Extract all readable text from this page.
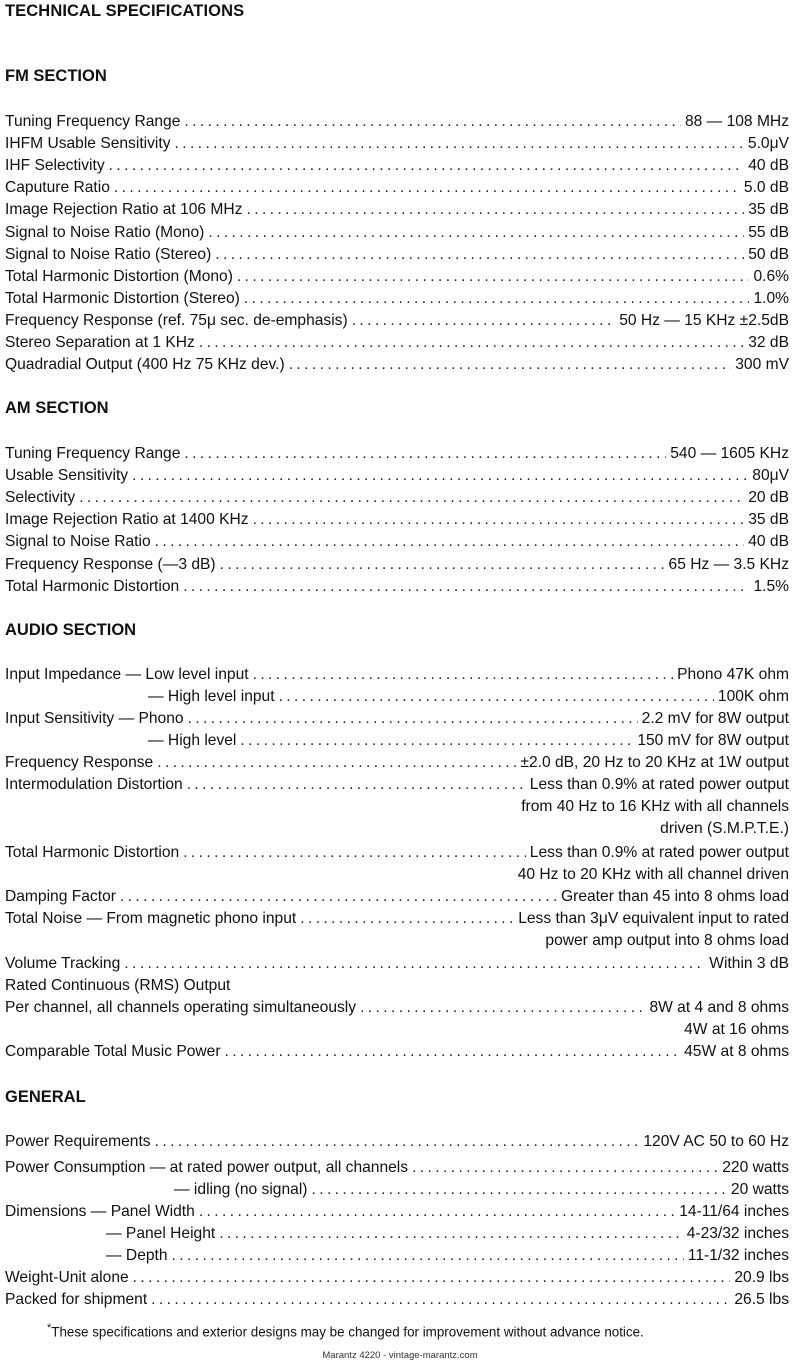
TECHNICAL SPECIFICATIONS
FM SECTION
Tuning Frequency Range .....	88 — 108 MHz
IHFM Usable Sensitivity .....	5.0μV
IHF Selectivity .....	40 dB
Caputure Ratio .....	5.0 dB
Image Rejection Ratio at 106 MHz .....	35 dB
Signal to Noise Ratio (Mono) .....	55 dB
Signal to Noise Ratio (Stereo) .....	50 dB
Total Harmonic Distortion (Mono) .....	0.6%
Total Harmonic Distortion (Stereo) .....	1.0%
Frequency Response (ref. 75μ sec. de-emphasis) .....	50 Hz — 15 KHz ±2.5dB
Stereo Separation at 1 KHz .....	32 dB
Quadradial Output (400 Hz 75 KHz dev.) .....	300 mV
AM SECTION
Tuning Frequency Range .....	540 — 1605 KHz
Usable Sensitivity .....	80μV
Selectivity .....	20 dB
Image Rejection Ratio at 1400 KHz .....	35 dB
Signal to Noise Ratio .....	40 dB
Frequency Response (—3 dB) .....	65 Hz — 3.5 KHz
Total Harmonic Distortion .....	1.5%
AUDIO SECTION
Input Impedance — Low level input .....	Phono 47K ohm
— High level input .....	100K ohm
Input Sensitivity — Phono .....	2.2 mV for 8W output
— High level .....	150 mV for 8W output
Frequency Response .....	±2.0 dB, 20 Hz to 20 KHz at 1W output
Intermodulation Distortion .....	Less than 0.9% at rated power output
from 40 Hz to 16 KHz with all channels
driven (S.M.P.T.E.)
Total Harmonic Distortion .....	Less than 0.9% at rated power output
40 Hz to 20 KHz with all channel driven
Damping Factor .....	Greater than 45 into 8 ohms load
Total Noise — From magnetic phono input .....	Less than 3μV equivalent input to rated
power amp output into 8 ohms load
Volume Tracking .....	Within 3 dB
Rated Continuous (RMS) Output
Per channel, all channels operating simultaneously .....	8W at 4 and 8 ohms
4W at 16 ohms
Comparable Total Music Power .....	45W at 8 ohms
GENERAL
Power Requirements .....	120V AC 50 to 60 Hz
Power Consumption — at rated power output, all channels .....	220 watts
— idling (no signal) .....	20 watts
Dimensions — Panel Width .....	14-11/64 inches
— Panel Height .....	4-23/32 inches
— Depth .....	11-1/32 inches
Weight-Unit alone .....	20.9 lbs
Packed for shipment .....	26.5 lbs
*These specifications and exterior designs may be changed for improvement without advance notice.
Marantz 4220 - vintage-marantz.com
